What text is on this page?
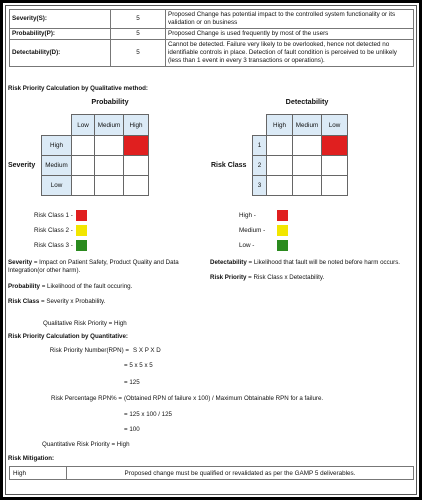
Severity(S):	5	Proposed Change has potential impact to the controlled system functionality or its validation or on business
Probability(P):	5	Proposed Change is used frequently by most of the users
Detectability(D):	5	Cannot be detected. Failure very likely to be overlooked, hence not detected no identifiable controls in place. Detection of fault condition is perceived to be unlikely (less than 1 event in every 3 transactions or operations).
Risk Priority Calculation by Qualitative method:
Probability
Low	Medium	High
Severity
High
Medium
Low
Detectability
High	Medium	Low
Risk Class
1
2
3
Risk Class 1 -
Risk Class 2 -
Risk Class 3 -
High -
Medium -
Low -
Severity = Impact on Patient Safety, Product Quality and Data Integration(or other harm).
Probability = Likelihood of the fault occuring.
Risk Class = Severity x Probability.
Detectability = Likelihood that fault will be noted before harm occurs.
Risk Priority = Risk Class x Detectability.
Qualitative Risk Priority = High
Risk Priority Calculation by Quantitative:
Risk Priority Number(RPN) = S X P X D
= 5 x 5 x 5
= 125
Risk Percentage RPN% = (Obtained RPN of failure x 100) / Maximum Obtainable RPN for a failure.
= 125 x 100 / 125
= 100
Quantitative Risk Priority = High
Risk Mitigation:
High	Proposed change must be qualified or revalidated as per the GAMP 5 deliverables.
